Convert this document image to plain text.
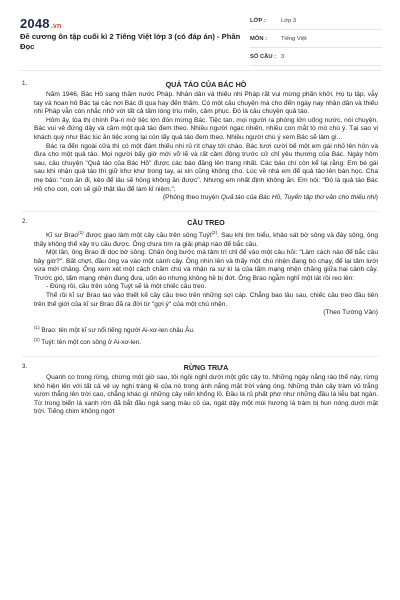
2048.vn
Đề cương ôn tập cuối kì 2 Tiếng Việt lớp 3 (có đáp án) - Phần Đọc
LỚP :	Lớp 3
MÔN :	Tiếng Việt
SỐ CÂU : 3
1.	QUẢ TÁO CỦA BÁC HỒ

Năm 1946, Bác Hồ sang thăm nước Pháp. Nhân dân và thiếu nhi Pháp rất vui mừng phấn khởi. Họ tụ tập, vẫy tay và hoan hô Bác tại các nơi Bác đi qua hay đến thăm. Có một câu chuyện mà cho đến ngày nay nhân dân và thiếu nhi Pháp vẫn còn nhắc nhở với tất cả tấm lòng trìu mến, cảm phục. Đó là câu chuyện quả táo.

Hôm ấy, tòa thị chính Pa-ri mở tiệc lớn đón mừng Bác. Tiệc tan, mọi người ra phòng lớn uống nước, nói chuyện. Bác vui vẻ đứng dậy và cầm một quả táo đem theo. Nhiều người ngạc nhiên, nhiều con mắt tò mò chú ý. Tại sao vị khách quý như Bác lúc ăn tiệc xong lại còn lấy quả táo đem theo. Nhiều người chú ý xem Bác sẽ làm gì...

Bác ra đến ngoài cửa thì có một đám thiếu nhi rủ rít chạy tới chào. Bác tươi cười bế một em gái nhỏ lên hôn và đưa cho một quả táo. Mọi người bấy giờ mới vỡ lẽ và rất cảm động trước cử chỉ yêu thương của Bác. Ngày hôm sau, câu chuyện "Quả táo của Bác Hồ" được các báo đăng lên trang nhất. Các báo chí còn kể lại rằng: Em bé gái sau khi nhận quả táo thì giữ khư khư trong tay, ai xin cũng không cho. Lúc về nhà em để quả táo lên bàn học. Cha mẹ bảo: "con ăn đi, kẻo để lâu sẽ hỏng không ăn được". Nhưng em nhất định không ăn. Em nói: "Đó là quả táo Bác Hồ cho con, con sẽ giữ thật lâu để làm kỉ niệm.".

(Phỏng theo truyện Quả táo của Bác Hồ, Tuyển tập thơ văn cho thiếu nhi)

2.	CẦU TREO

Kĩ sư Brao$^{(1)}$ được giao làm một cây cầu trên sông Tuýt$^{(2)}$. Sau khi tìm hiểu, khảo sát bờ sông và đáy sông, ông thấy không thể xây trụ cầu được. Ông chưa tìm ra giải pháp nào để bắc cầu.

Một lần, ông Brao đi dọc bờ sông. Chân ông bước mà tâm trí chỉ để vào một câu hỏi: "Làm cách nào để bắc cầu bây giờ?". Bất chợt, đầu ông va vào một cành cây. Ông nhìn lên và thấy một chú nhện đang bò chạy, để lại tấm lưới vừa mới chăng. Ông xem xét một cách chăm chú và nhận ra sự kì lạ của tấm mạng nhện chăng giữa hai cành cây. Trước gió, tấm mạng nhện đung đưa, uốn éo nhưng không hề bị đứt. Ông Brao ngẫm nghĩ một lát rồi reo lên:

- Đúng rồi, cầu trên sông Tuýt sẽ là một chiếc cầu treo.

Thế rồi kĩ sư Brao lao vào thiết kế cây cầu treo trên những sợi cáp. Chẳng bao lâu sau, chiếc cầu treo đầu tiên trên thế giới của kĩ sư Brao đã ra đời từ "gợi ý" của một chú nhện.

(Theo Tường Vân)

$^{(1)}$ Brao: tên một kĩ sư nổi tiếng người Ai-xơ-len châu Âu.

$^{(2)}$ Tuýt: tên một con sông ở Ai-xơ-len.

3.	RỪNG TRƯA

Quanh co trong rừng, chừng một giờ sau, tôi ngồi nghỉ dưới một gốc cây to. Những ngày nắng ráo thế này, rừng khô hiện lên với tất cả vẻ uy nghi tráng lệ của nó trong ánh nắng mặt trời vàng óng. Những thân cây tràm vỏ trắng vươn thẳng lên trời cao, chẳng khác gì những cây nến khổng lồ. Đầu lá rủ phất phơ như những đầu lá liễu bạt ngàn. Từ trong biển lá xanh rờn đã bắt đầu ngả sang màu cỏ úa, ngát dậy một mùi hương lá tràm bị hun nóng dưới mặt trời. Tiếng chim không ngớt
